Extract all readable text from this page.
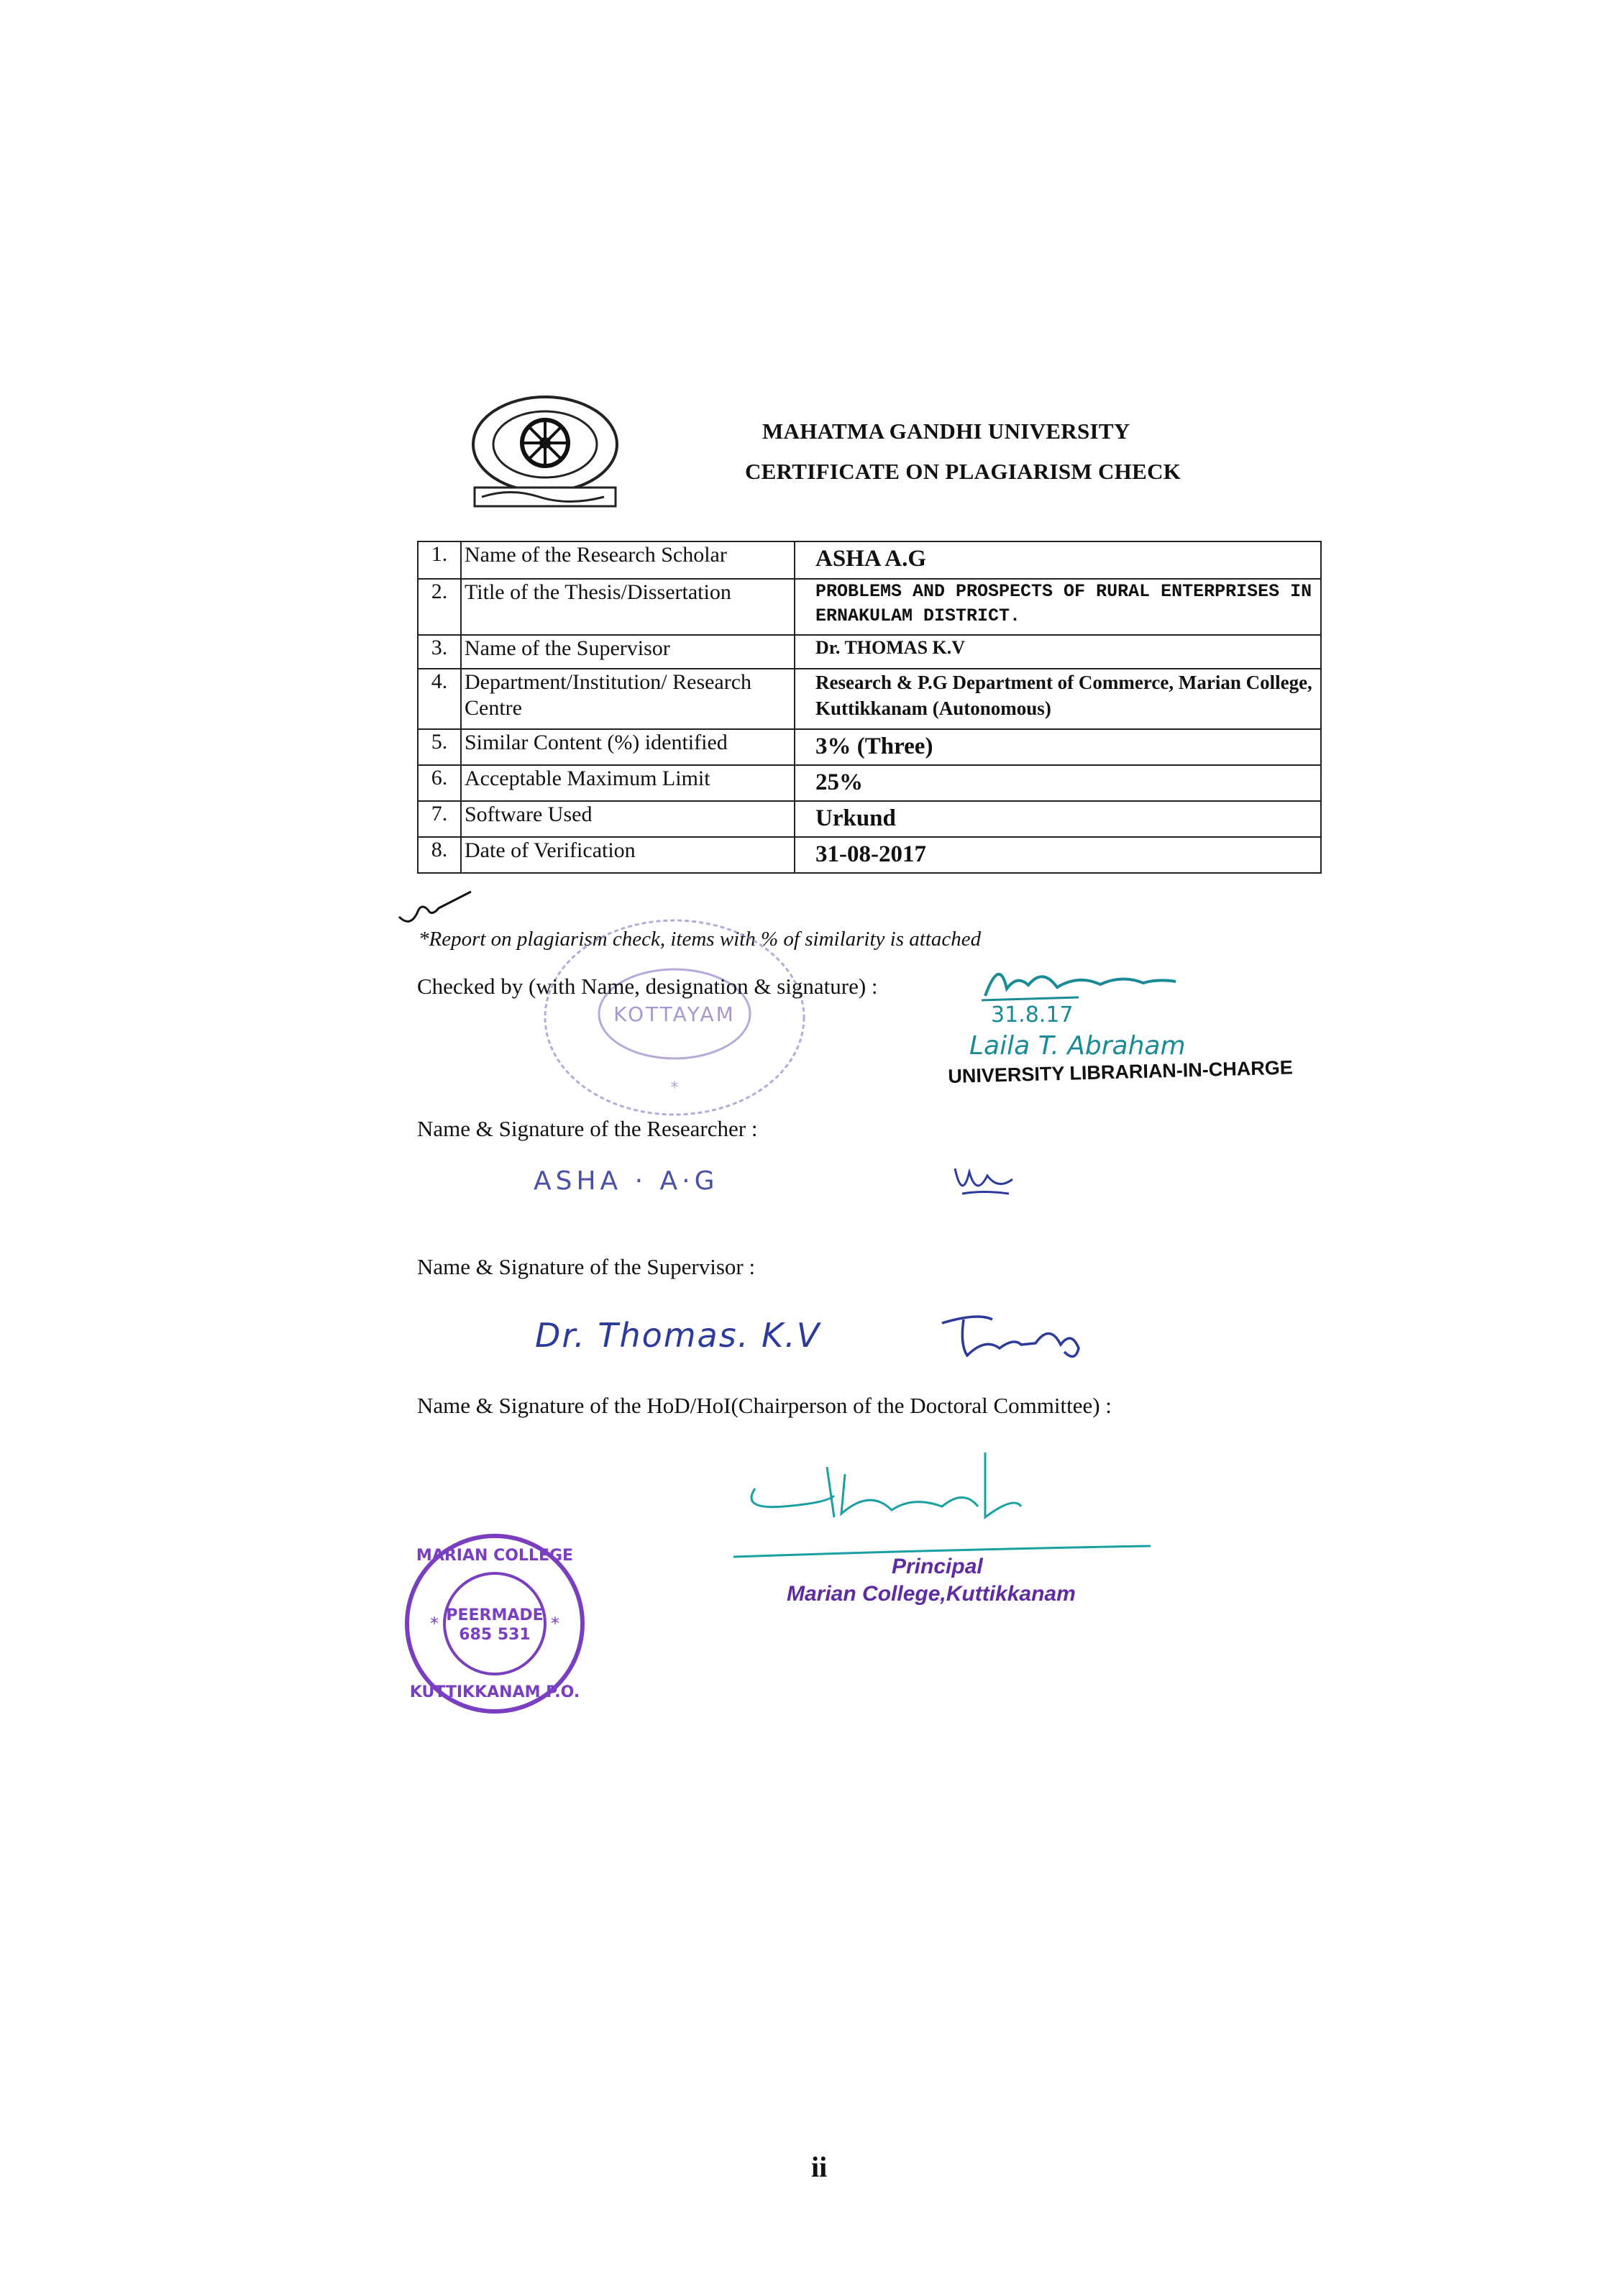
MAHATMA GANDHI UNIVERSITY
CERTIFICATE ON PLAGIARISM CHECK
1.	Name of the Research Scholar	ASHA A.G
2.	Title of the Thesis/Dissertation	PROBLEMS AND PROSPECTS OF RURAL ENTERPRISES IN ERNAKULAM DISTRICT.
3.	Name of the Supervisor	Dr. THOMAS K.V
4.	Department/Institution/ Research Centre	Research & P.G Department of Commerce, Marian College, Kuttikkanam (Autonomous)
5.	Similar Content (%) identified	3% (Three)
6.	Acceptable Maximum Limit	25%
7.	Software Used	Urkund
8.	Date of Verification	31-08-2017
*Report on plagiarism check, items with % of similarity is attached
KOTTAYAM
*
Checked by (with Name, designation & signature) :
31.8.17
Laila T. Abraham
UNIVERSITY LIBRARIAN-IN-CHARGE
Name & Signature of the Researcher :
ASHA · A·G
Name & Signature of the Supervisor :
Dr. Thomas. K.V
Name & Signature of the HoD/HoI(Chairperson of the Doctoral Committee) :
Principal
Marian College,Kuttikkanam
PEERMADE
685 531
MARIAN COLLEGE
KUTTIKKANAM P.O.
*	*
ii
